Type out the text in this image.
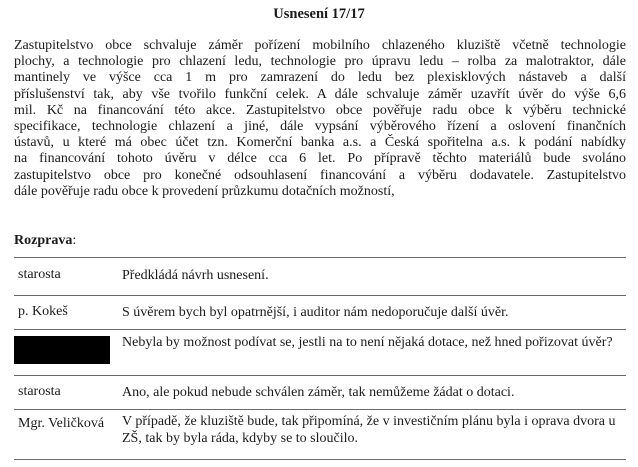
Usnesení 17/17
Zastupitelstvo obce schvaluje záměr pořízení mobilního chlazeného kluziště včetně technologie
plochy, a technologie pro chlazení ledu, technologie pro úpravu ledu – rolba za malotraktor, dále
mantinely ve výšce cca 1 m pro zamrazení do ledu bez plexisklových nástaveb a další
příslušenství tak, aby vše tvořilo funkční celek. A dále schvaluje záměr uzavřít úvěr do výše 6,6
mil. Kč na financování této akce. Zastupitelstvo obce pověřuje radu obce k výběru technické
specifikace, technologie chlazení a jiné, dále vypsání výběrového řízení a oslovení finančních
ústavů, u které má obec účet tzn. Komerční banka a.s. a Česká spořitelna a.s. k podání nabídky
na financování tohoto úvěru v délce cca 6 let. Po přípravě těchto materiálů bude svoláno
zastupitelstvo obce pro konečné odsouhlasení financování a výběru dodavatele. Zastupitelstvo
dále pověřuje radu obce k provedení průzkumu dotačních možností,
Rozprava:
starosta	Předkládá návrh usnesení.
p. Kokeš	S úvěrem bych byl opatrnější, i auditor nám nedoporučuje další úvěr.

	Nebyla by možnost podívat se, jestli na to není nějaká dotace, než hned pořizovat úvěr?
starosta	Ano, ale pokud nebude schválen záměr, tak nemůžeme žádat o dotaci.
Mgr. Veličková	V případě, že kluziště bude, tak připomíná, že v investičním plánu byla i oprava dvora u ZŠ, tak by byla ráda, kdyby se to sloučilo.
